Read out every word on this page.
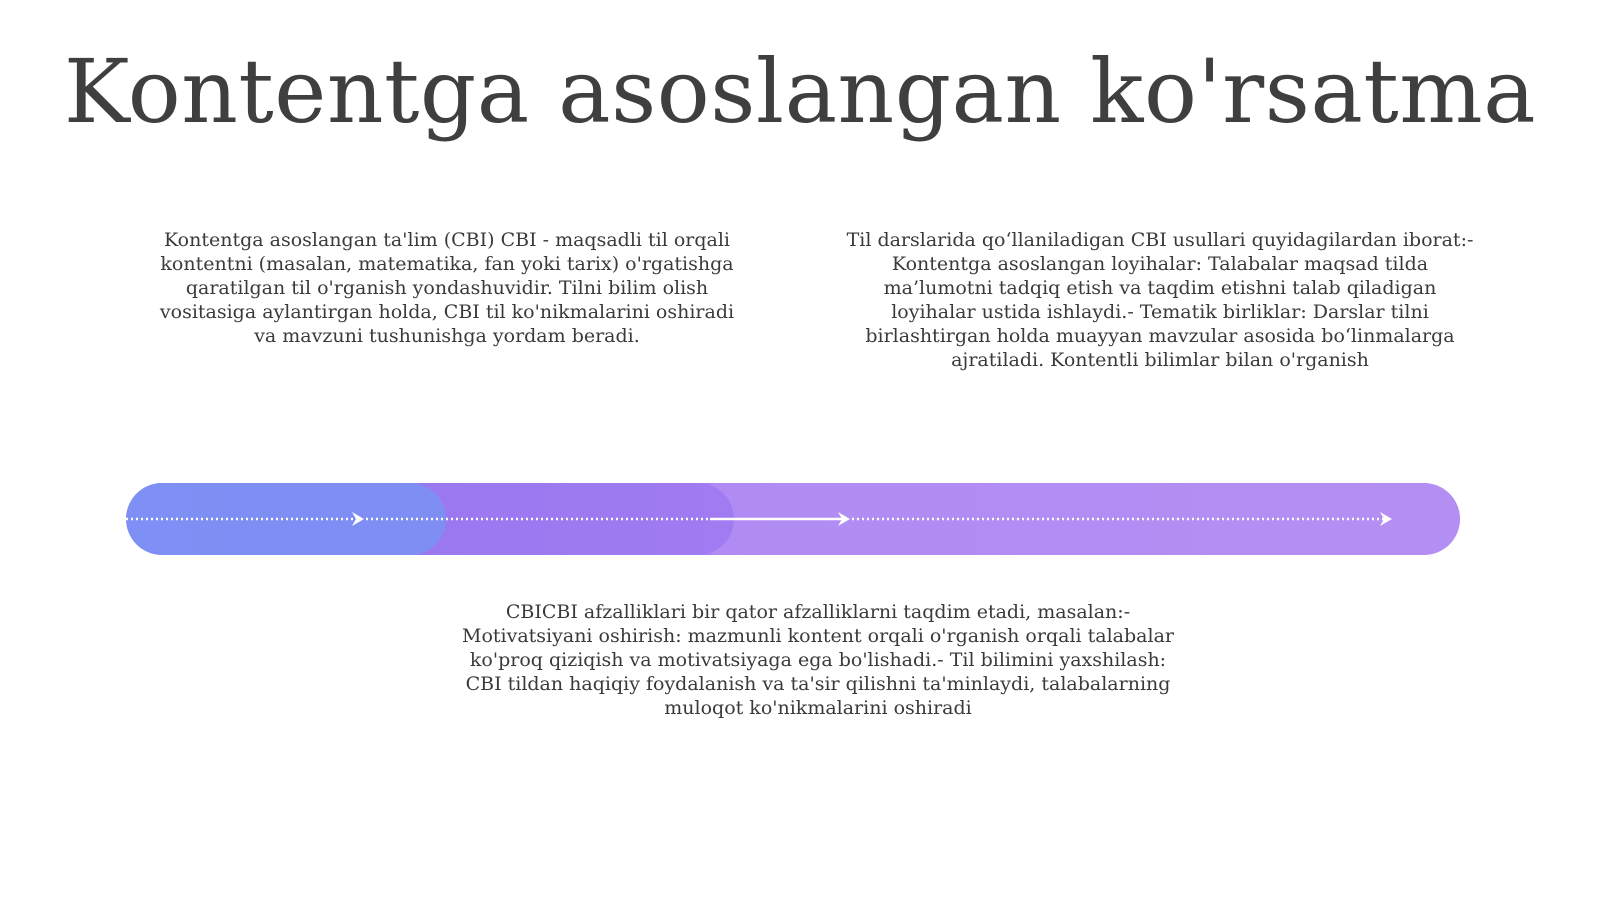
Kontentga asoslangan ko'rsatma
Kontentga asoslangan ta'lim (CBI) CBI - maqsadli til orqali kontentni (masalan, matematika, fan yoki tarix) o'rgatishga qaratilgan til o'rganish yondashuvidir. Tilni bilim olish vositasiga aylantirgan holda, CBI til ko'nikmalarini oshiradi va mavzuni tushunishga yordam beradi.
Til darslarida qo‘llaniladigan CBI usullari quyidagilardan iborat:- Kontentga asoslangan loyihalar: Talabalar maqsad tilda ma’lumotni tadqiq etish va taqdim etishni talab qiladigan loyihalar ustida ishlaydi.- Tematik birliklar: Darslar tilni birlashtirgan holda muayyan mavzular asosida bo‘linmalarga ajratiladi. Kontentli bilimlar bilan o'rganish
CBICBI afzalliklari bir qator afzalliklarni taqdim etadi, masalan:- Motivatsiyani oshirish: mazmunli kontent orqali o'rganish orqali talabalar ko'proq qiziqish va motivatsiyaga ega bo'lishadi.- Til bilimini yaxshilash: CBI tildan haqiqiy foydalanish va ta'sir qilishni ta'minlaydi, talabalarning muloqot ko'nikmalarini oshiradi
